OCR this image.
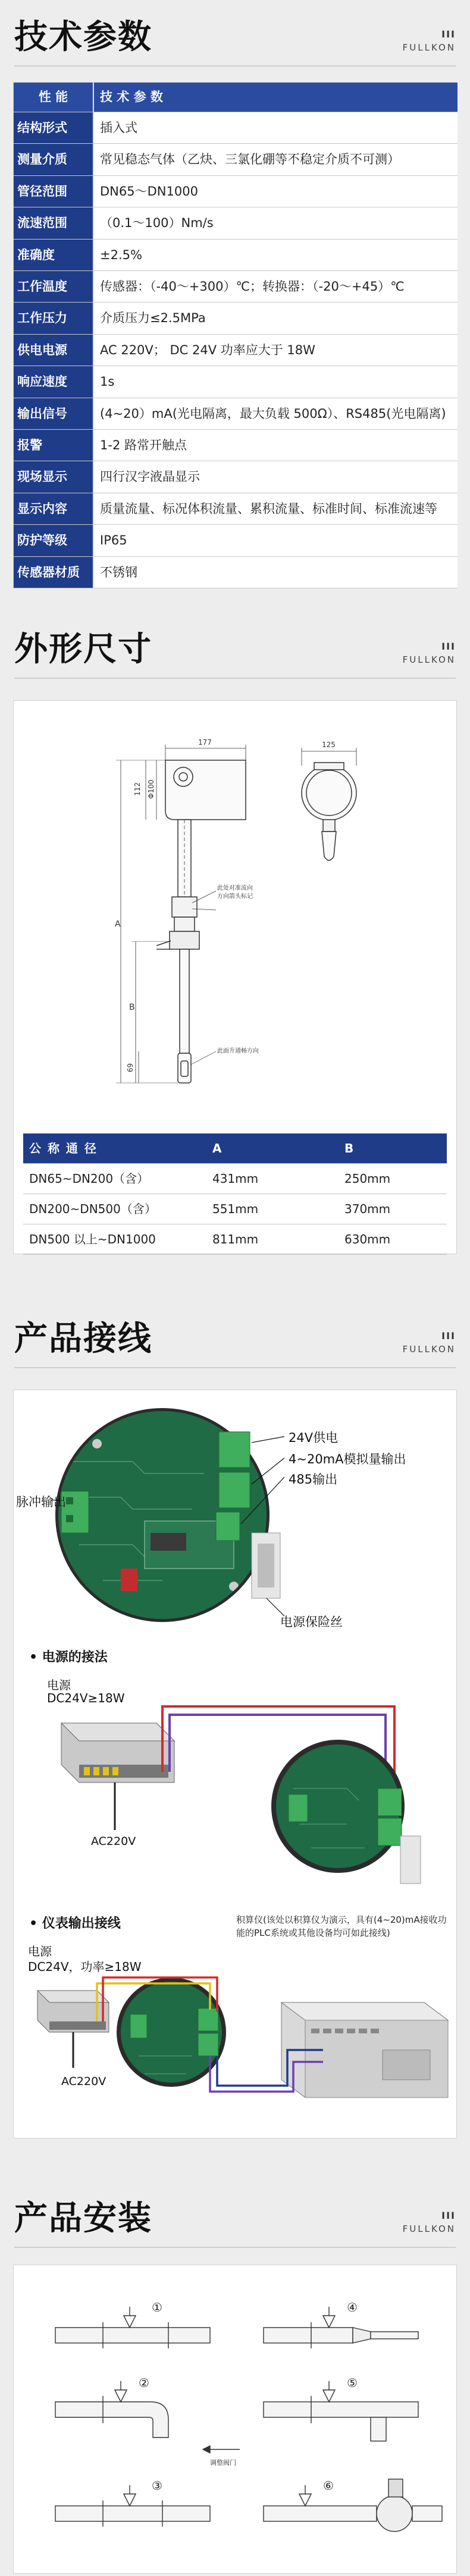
技术参数	III
FULLKON
性 能	技 术 参 数
结构形式	插入式
测量介质	常见稳态气体（乙炔、三氯化硼等不稳定介质不可测）
管径范围	DN65～DN1000
流速范围	（0.1～100）Nm/s
准确度	±2.5%
工作温度	传感器：（-40～+300）℃；转换器：（-20～+45）℃
工作压力	介质压力≤2.5MPa
供电电源	AC 220V； DC 24V 功率应大于 18W
响应速度	1s
输出信号	(4~20）mA(光电隔离，最大负载 500Ω）、RS485(光电隔离)
报警	1-2 路常开触点
现场显示	四行汉字液晶显示
显示内容	质量流量、标况体积流量、累积流量、标准时间、标准流速等
防护等级	IP65
传感器材质	不锈钢
外形尺寸	III
FULLKON
177
112 Φ100
A
B
69
此处对准流向
方向箭头标记
此面升通畅方向
125
公 称 通 径	A	B
DN65~DN200（含）	431mm	250mm
DN200~DN500（含）	551mm	370mm
DN500 以上~DN1000	811mm	630mm
产品接线	III
FULLKON
24V供电
4~20mA模拟量输出
485输出
脉冲输出
电源保险丝
• 电源的接法
电源
DC24V≥18W
AC220V
• 仪表输出接线
电源
DC24V，功率≥18W
积算仪(该处以积算仪为演示，具有(4~20)mA接收功能的PLC系统或其他设备均可如此接线)
AC220V
产品安装	III
FULLKON
①	④
②	⑤
③	⑥
调整阀门
